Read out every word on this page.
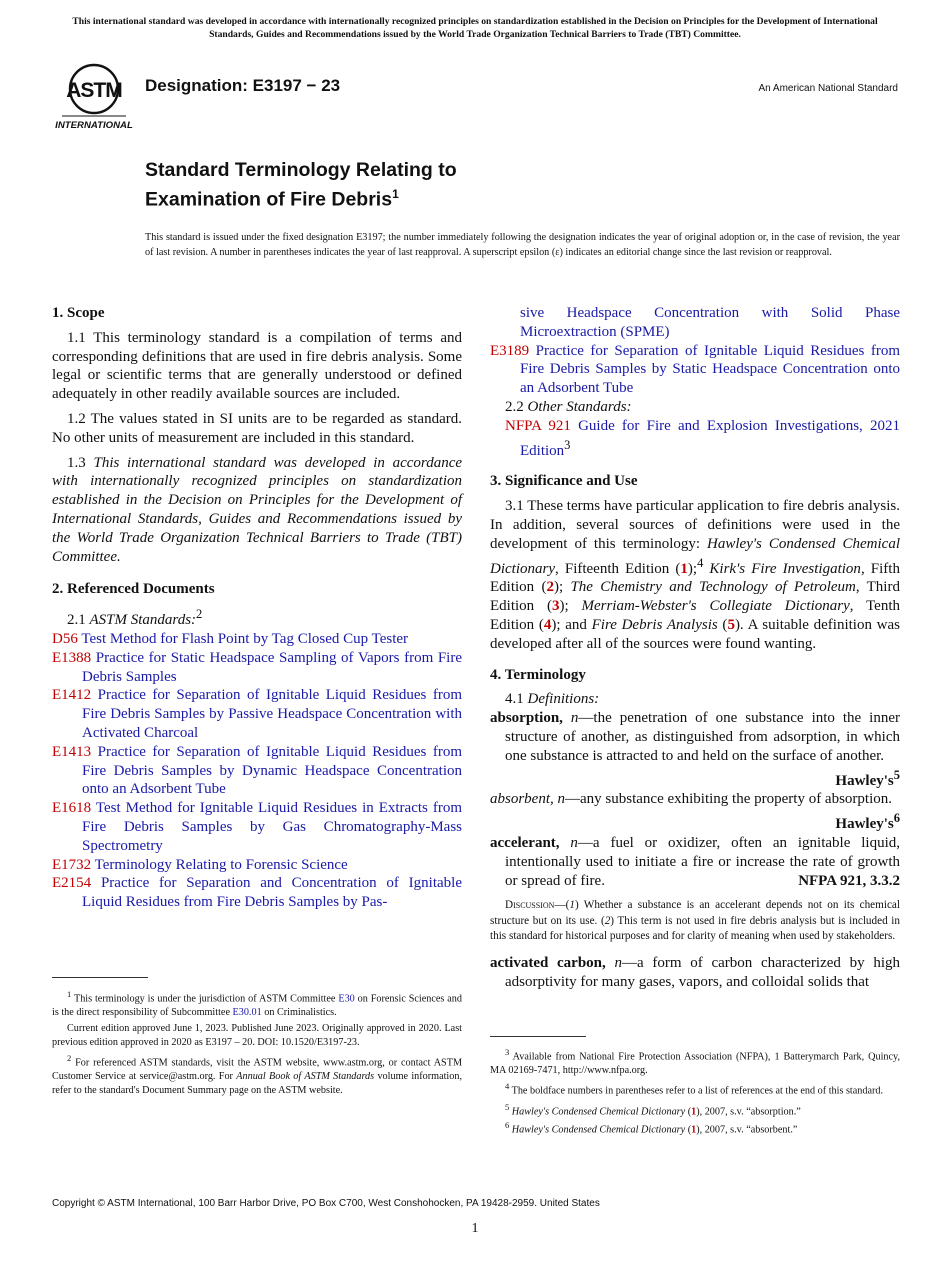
This international standard was developed in accordance with internationally recognized principles on standardization established in the Decision on Principles for the Development of International Standards, Guides and Recommendations issued by the World Trade Organization Technical Barriers to Trade (TBT) Committee.
ASTM
INTERNATIONAL
Designation: E3197 − 23	An American National Standard
Standard Terminology Relating to
Examination of Fire Debris$^1$
This standard is issued under the fixed designation E3197; the number immediately following the designation indicates the year of original adoption or, in the case of revision, the year of last revision. A number in parentheses indicates the year of last reapproval. A superscript epsilon (ε) indicates an editorial change since the last revision or reapproval.

1. Scope

1.1 This terminology standard is a compilation of terms and corresponding definitions that are used in fire debris analysis. Some legal or scientific terms that are generally understood or defined adequately in other readily available sources are included.

1.2 The values stated in SI units are to be regarded as standard. No other units of measurement are included in this standard.

1.3 This international standard was developed in accordance with internationally recognized principles on standardization established in the Decision on Principles for the Development of International Standards, Guides and Recommendations issued by the World Trade Organization Technical Barriers to Trade (TBT) Committee.

2. Referenced Documents

2.1 ASTM Standards:$^2$

D56 Test Method for Flash Point by Tag Closed Cup Tester

E1388 Practice for Static Headspace Sampling of Vapors from Fire Debris Samples

E1412 Practice for Separation of Ignitable Liquid Residues from Fire Debris Samples by Passive Headspace Concentration with Activated Charcoal

E1413 Practice for Separation of Ignitable Liquid Residues from Fire Debris Samples by Dynamic Headspace Concentration onto an Adsorbent Tube

E1618 Test Method for Ignitable Liquid Residues in Extracts from Fire Debris Samples by Gas Chromatography-Mass Spectrometry

E1732 Terminology Relating to Forensic Science

E2154 Practice for Separation and Concentration of Ignitable Liquid Residues from Fire Debris Samples by Pas-

sive Headspace Concentration with Solid Phase Microextraction (SPME)

E3189 Practice for Separation of Ignitable Liquid Residues from Fire Debris Samples by Static Headspace Concentration onto an Adsorbent Tube

2.2 Other Standards:

NFPA 921 Guide for Fire and Explosion Investigations, 2021 Edition$^3$

3. Significance and Use

3.1 These terms have particular application to fire debris analysis. In addition, several sources of definitions were used in the development of this terminology: Hawley's Condensed Chemical Dictionary, Fifteenth Edition (1);$^4$ Kirk's Fire Investigation, Fifth Edition (2); The Chemistry and Technology of Petroleum, Third Edition (3); Merriam-Webster's Collegiate Dictionary, Tenth Edition (4); and Fire Debris Analysis (5). A suitable definition was developed after all of the sources were found wanting.

4. Terminology

4.1 Definitions:

absorption, n—the penetration of one substance into the inner structure of another, as distinguished from adsorption, in which one substance is attracted to and held on the surface of another.
$Hawley's^5$

absorbent, n—any substance exhibiting the property of absorption.
$Hawley's^6$

accelerant, n—a fuel or oxidizer, often an ignitable liquid, intentionally used to initiate a fire or increase the rate of growth or spread of fire.	NFPA 921, 3.3.2

Discussion—(1) Whether a substance is an accelerant depends not on its chemical structure but on its use. (2) This term is not used in fire debris analysis but is included in this standard for historical purposes and for clarity of meaning when used by stakeholders.

activated carbon, n—a form of carbon characterized by high adsorptivity for many gases, vapors, and colloidal solids that

$^1$ This terminology is under the jurisdiction of ASTM Committee E30 on Forensic Sciences and is the direct responsibility of Subcommittee E30.01 on Criminalistics.

Current edition approved June 1, 2023. Published June 2023. Originally approved in 2020. Last previous edition approved in 2020 as E3197 – 20. DOI: 10.1520/E3197-23.

$^2$ For referenced ASTM standards, visit the ASTM website, www.astm.org, or contact ASTM Customer Service at service@astm.org. For Annual Book of ASTM Standards volume information, refer to the standard's Document Summary page on the ASTM website.

$^3$ Available from National Fire Protection Association (NFPA), 1 Batterymarch Park, Quincy, MA 02169-7471, http://www.nfpa.org.

$^4$ The boldface numbers in parentheses refer to a list of references at the end of this standard.

$^5$ Hawley's Condensed Chemical Dictionary (1), 2007, s.v. “absorption.”

$^6$ Hawley's Condensed Chemical Dictionary (1), 2007, s.v. “absorbent.”

Copyright © ASTM International, 100 Barr Harbor Drive, PO Box C700, West Conshohocken, PA 19428-2959. United States
1
